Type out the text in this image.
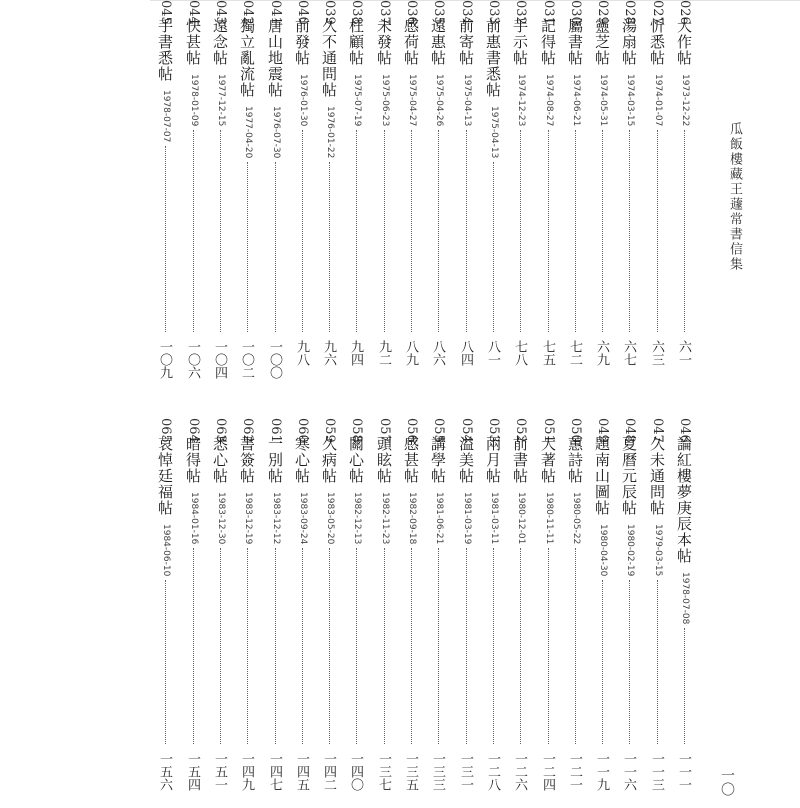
026
大作帖
1973-12-22
六一
027
忻悉帖
1974-01-07
六三
028
湯扇帖
1974-03-15
六七
029
靈芝帖
1974-05-31
六九
030
屬書帖
1974-06-21
七二
031
記得帖
1974-08-27
七五
032
手示帖
1974-12-23
七八
033
前惠書悉帖
1975-04-13
八一
034
前寄帖
1975-04-13
八四
035
遠惠帖
1975-04-26
八六
036
感荷帖
1975-04-27
八九
037
未發帖
1975-06-23
九二
038
枉顧帖
1975-07-19
九四
039
久不通問帖
1976-01-22
九六
040
前發帖
1976-01-30
九八
041
唐山地震帖
1976-07-30
一〇〇
042
獨立亂流帖
1977-04-20
一〇二
043
遠念帖
1977-12-15
一〇四
044
快甚帖
1978-01-09
一〇六
045
手書悉帖
1978-07-07
一〇九
046
論紅樓夢庚辰本帖
1978-07-08
一一一
047
久未通問帖
1979-03-15
一一三
048
夏曆元辰帖
1980-02-19
一一六
049
題南山圖帖
1980-04-30
一一九
050
蕙詩帖
1980-05-22
一二一
051
大著帖
1980-11-11
一二四
052
前書帖
1980-12-01
一二六
053
兩月帖
1981-03-11
一二八
054
溢美帖
1981-03-19
一三一
055
講學帖
1981-06-21
一三三
056
感甚帖
1982-09-18
一三五
057
頭眩帖
1982-11-23
一三七
058
關心帖
1982-12-13
一四〇
059
久病帖
1983-05-20
一四二
060
寒心帖
1983-09-24
一四五
061
一別帖
1983-12-12
一四七
062
書簽帖
1983-12-19
一四九
063
悉心帖
1983-12-30
一五一
064
暗得帖
1984-01-16
一五四
065
哀悼廷福帖
1984-06-10
一五六
瓜飯樓藏王蘧常書信集
一〇
